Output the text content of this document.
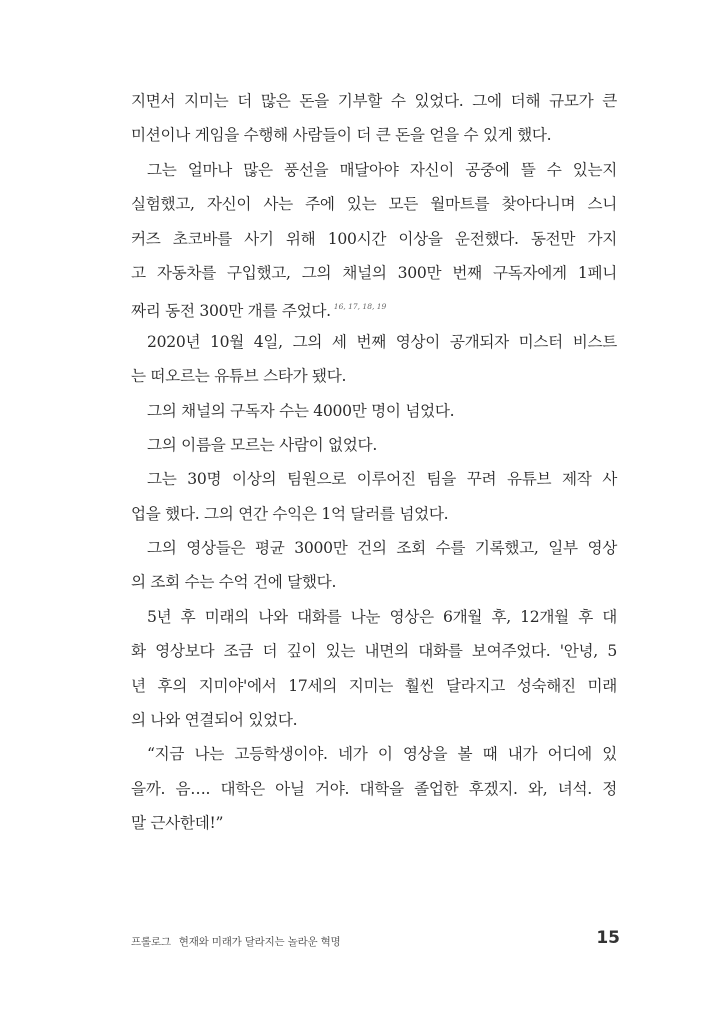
지면서 지미는 더 많은 돈을 기부할 수 있었다. 그에 더해 규모가 큰
미션이나 게임을 수행해 사람들이 더 큰 돈을 얻을 수 있게 했다.
그는 얼마나 많은 풍선을 매달아야 자신이 공중에 뜰 수 있는지
실험했고, 자신이 사는 주에 있는 모든 월마트를 찾아다니며 스니
커즈 초코바를 사기 위해 100시간 이상을 운전했다. 동전만 가지
고 자동차를 구입했고, 그의 채널의 300만 번째 구독자에게 1페니
짜리 동전 300만 개를 주었다. $^{16, 17, 18, 19}$
2020년 10월 4일, 그의 세 번째 영상이 공개되자 미스터 비스트
는 떠오르는 유튜브 스타가 됐다.
그의 채널의 구독자 수는 4000만 명이 넘었다.
그의 이름을 모르는 사람이 없었다.
그는 30명 이상의 팀원으로 이루어진 팀을 꾸려 유튜브 제작 사
업을 했다. 그의 연간 수익은 1억 달러를 넘었다.
그의 영상들은 평균 3000만 건의 조회 수를 기록했고, 일부 영상
의 조회 수는 수억 건에 달했다.
5년 후 미래의 나와 대화를 나눈 영상은 6개월 후, 12개월 후 대
화 영상보다 조금 더 깊이 있는 내면의 대화를 보여주었다. '안녕, 5
년 후의 지미야'에서 17세의 지미는 훨씬 달라지고 성숙해진 미래
의 나와 연결되어 있었다.
“지금 나는 고등학생이야. 네가 이 영상을 볼 때 내가 어디에 있
을까. 음…. 대학은 아닐 거야. 대학을 졸업한 후겠지. 와, 녀석. 정
말 근사한데!”
프롤로그 현재와 미래가 달라지는 놀라운 혁명	15
